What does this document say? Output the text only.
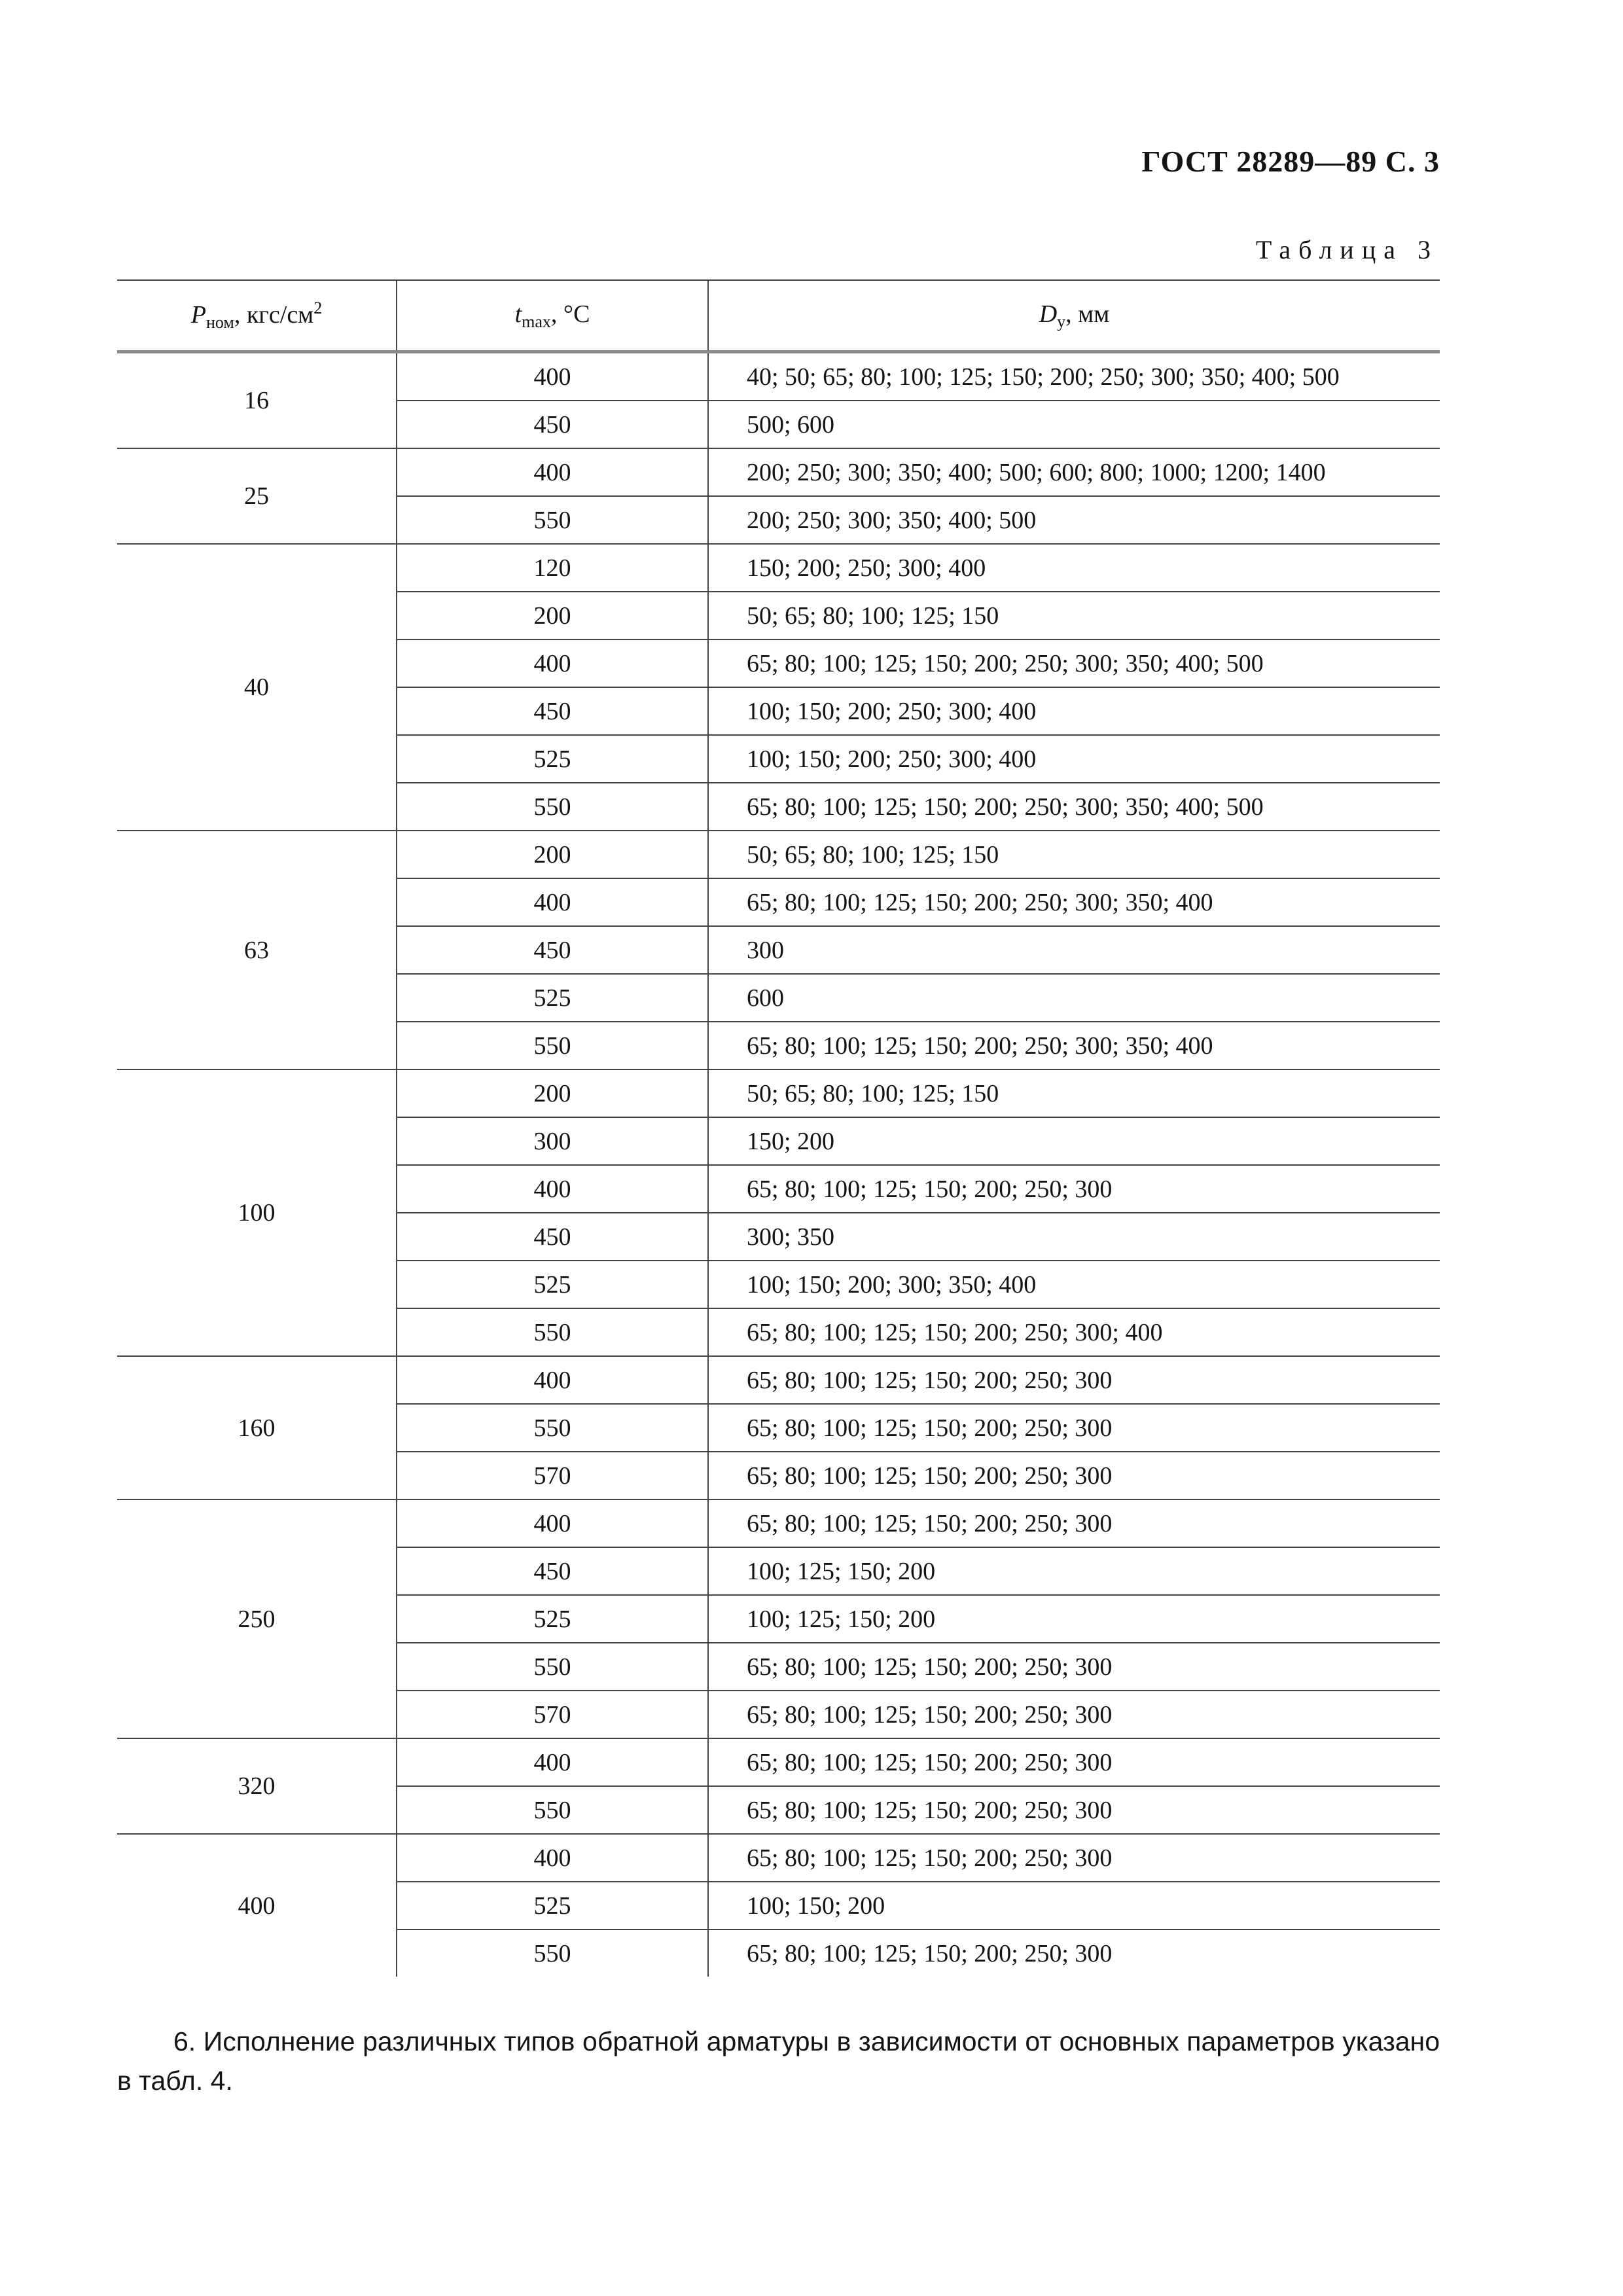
ГОСТ 28289—89 С. 3
Таблица 3
$P_{ном}$, кгс/$см^2$	$t_{max}$, °С	$D_у$, мм
16	400	40; 50; 65; 80; 100; 125; 150; 200; 250; 300; 350; 400; 500
	450	500; 600
25	400	200; 250; 300; 350; 400; 500; 600; 800; 1000; 1200; 1400
	550	200; 250; 300; 350; 400; 500
40	120	150; 200; 250; 300; 400
	200	50; 65; 80; 100; 125; 150
	400	65; 80; 100; 125; 150; 200; 250; 300; 350; 400; 500
	450	100; 150; 200; 250; 300; 400
	525	100; 150; 200; 250; 300; 400
	550	65; 80; 100; 125; 150; 200; 250; 300; 350; 400; 500
63	200	50; 65; 80; 100; 125; 150
	400	65; 80; 100; 125; 150; 200; 250; 300; 350; 400
	450	300
	525	600
	550	65; 80; 100; 125; 150; 200; 250; 300; 350; 400
100	200	50; 65; 80; 100; 125; 150
	300	150; 200
	400	65; 80; 100; 125; 150; 200; 250; 300
	450	300; 350
	525	100; 150; 200; 300; 350; 400
	550	65; 80; 100; 125; 150; 200; 250; 300; 400
160	400	65; 80; 100; 125; 150; 200; 250; 300
	550	65; 80; 100; 125; 150; 200; 250; 300
	570	65; 80; 100; 125; 150; 200; 250; 300
250	400	65; 80; 100; 125; 150; 200; 250; 300
	450	100; 125; 150; 200
	525	100; 125; 150; 200
	550	65; 80; 100; 125; 150; 200; 250; 300
	570	65; 80; 100; 125; 150; 200; 250; 300
320	400	65; 80; 100; 125; 150; 200; 250; 300
	550	65; 80; 100; 125; 150; 200; 250; 300
400	400	65; 80; 100; 125; 150; 200; 250; 300
	525	100; 150; 200
	550	65; 80; 100; 125; 150; 200; 250; 300

6. Исполнение различных типов обратной арматуры в зависимости от основных параметров указано в табл. 4.
